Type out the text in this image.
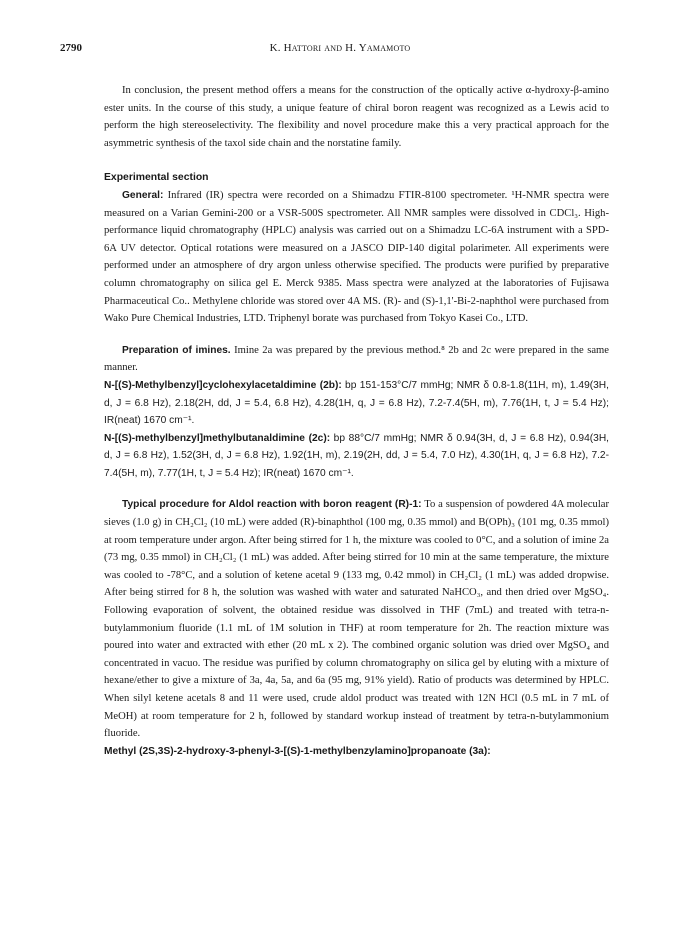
2790	K. Hattori and H. Yamamoto

In conclusion, the present method offers a means for the construction of the optically active α-hydroxy-β-amino ester units. In the course of this study, a unique feature of chiral boron reagent was recognized as a Lewis acid to perform the high stereoselectivity. The flexibility and novel procedure make this a very practical approach for the asymmetric synthesis of the taxol side chain and the norstatine family.

Experimental section

General: Infrared (IR) spectra were recorded on a Shimadzu FTIR-8100 spectrometer. ¹H-NMR spectra were measured on a Varian Gemini-200 or a VSR-500S spectrometer. All NMR samples were dissolved in CDCl₃. High-performance liquid chromatography (HPLC) analysis was carried out on a Shimadzu LC-6A instrument with a SPD-6A UV detector. Optical rotations were measured on a JASCO DIP-140 digital polarimeter. All experiments were performed under an atmosphere of dry argon unless otherwise specified. The products were purified by preparative column chromatography on silica gel E. Merck 9385. Mass spectra were analyzed at the laboratories of Fujisawa Pharmaceutical Co.. Methylene chloride was stored over 4A MS. (R)- and (S)-1,1'-Bi-2-naphthol were purchased from Wako Pure Chemical Industries, LTD. Triphenyl borate was purchased from Tokyo Kasei Co., LTD.

Preparation of imines. Imine 2a was prepared by the previous method.⁸ 2b and 2c were prepared in the same manner.

N-[(S)-Methylbenzyl]cyclohexylacetaldimine (2b): bp 151-153°C/7 mmHg; NMR δ 0.8-1.8(11H, m), 1.49(3H, d, J = 6.8 Hz), 2.18(2H, dd, J = 5.4, 6.8 Hz), 4.28(1H, q, J = 6.8 Hz), 7.2-7.4(5H, m), 7.76(1H, t, J = 5.4 Hz); IR(neat) 1670 cm⁻¹.

N-[(S)-methylbenzyl]methylbutanaldimine (2c): bp 88°C/7 mmHg; NMR δ 0.94(3H, d, J = 6.8 Hz), 0.94(3H, d, J = 6.8 Hz), 1.52(3H, d, J = 6.8 Hz), 1.92(1H, m), 2.19(2H, dd, J = 5.4, 7.0 Hz), 4.30(1H, q, J = 6.8 Hz), 7.2-7.4(5H, m), 7.77(1H, t, J = 5.4 Hz); IR(neat) 1670 cm⁻¹.

Typical procedure for Aldol reaction with boron reagent (R)-1: To a suspension of powdered 4A molecular sieves (1.0 g) in CH₂Cl₂ (10 mL) were added (R)-binaphthol (100 mg, 0.35 mmol) and B(OPh)₃ (101 mg, 0.35 mmol) at room temperature under argon. After being stirred for 1 h, the mixture was cooled to 0°C, and a solution of imine 2a (73 mg, 0.35 mmol) in CH₂Cl₂ (1 mL) was added. After being stirred for 10 min at the same temperature, the mixture was cooled to -78°C, and a solution of ketene acetal 9 (133 mg, 0.42 mmol) in CH₂Cl₂ (1 mL) was added dropwise. After being stirred for 8 h, the solution was washed with water and saturated NaHCO₃, and then dried over MgSO₄. Following evaporation of solvent, the obtained residue was dissolved in THF (7mL) and treated with tetra-n-butylammonium fluoride (1.1 mL of 1M solution in THF) at room temperature for 2h. The reaction mixture was poured into water and extracted with ether (20 mL x 2). The combined organic solution was dried over MgSO₄ and concentrated in vacuo. The residue was purified by column chromatography on silica gel by eluting with a mixture of hexane/ether to give a mixture of 3a, 4a, 5a, and 6a (95 mg, 91% yield). Ratio of products was determined by HPLC. When silyl ketene acetals 8 and 11 were used, crude aldol product was treated with 12N HCl (0.5 mL in 7 mL of MeOH) at room temperature for 2 h, followed by standard workup instead of treatment by tetra-n-butylammonium fluoride.

Methyl (2S,3S)-2-hydroxy-3-phenyl-3-[(S)-1-methylbenzylamino]propanoate (3a):
